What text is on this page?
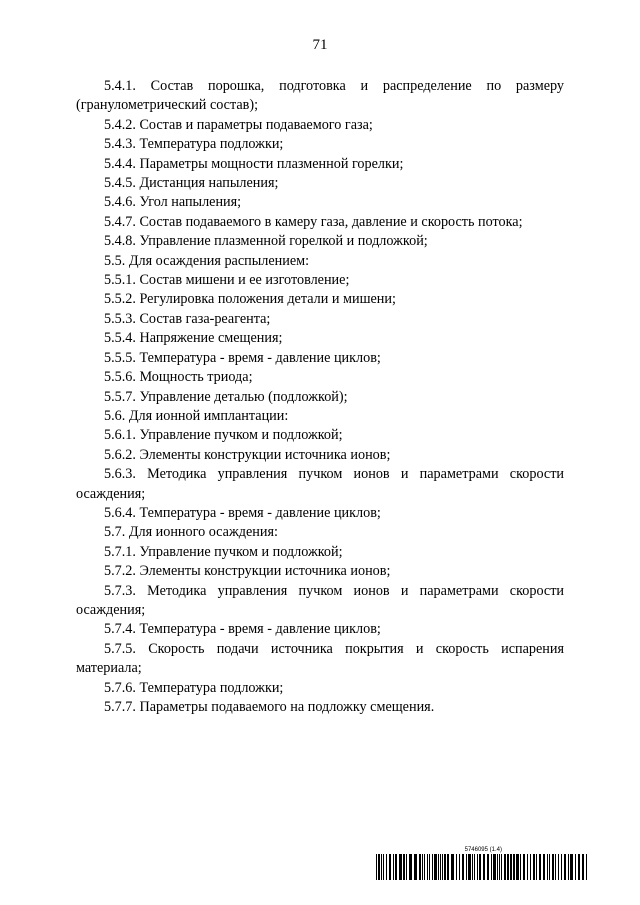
71

5.4.1. Состав порошка, подготовка и распределение по размеру (гранулометрический состав);

5.4.2. Состав и параметры подаваемого газа;

5.4.3. Температура подложки;

5.4.4. Параметры мощности плазменной горелки;

5.4.5. Дистанция напыления;

5.4.6. Угол напыления;

5.4.7. Состав подаваемого в камеру газа, давление и скорость потока;

5.4.8. Управление плазменной горелкой и подложкой;

5.5. Для осаждения распылением:

5.5.1. Состав мишени и ее изготовление;

5.5.2. Регулировка положения детали и мишени;

5.5.3. Состав газа-реагента;

5.5.4. Напряжение смещения;

5.5.5. Температура - время - давление циклов;

5.5.6. Мощность триода;

5.5.7. Управление деталью (подложкой);

5.6. Для ионной имплантации:

5.6.1. Управление пучком и подложкой;

5.6.2. Элементы конструкции источника ионов;

5.6.3. Методика управления пучком ионов и параметрами скорости осаждения;

5.6.4. Температура - время - давление циклов;

5.7. Для ионного осаждения:

5.7.1. Управление пучком и подложкой;

5.7.2. Элементы конструкции источника ионов;

5.7.3. Методика управления пучком ионов и параметрами скорости осаждения;

5.7.4. Температура - время - давление циклов;

5.7.5. Скорость подачи источника покрытия и скорость испарения материала;

5.7.6. Температура подложки;

5.7.7. Параметры подаваемого на подложку смещения.

5746095 (1.4)
